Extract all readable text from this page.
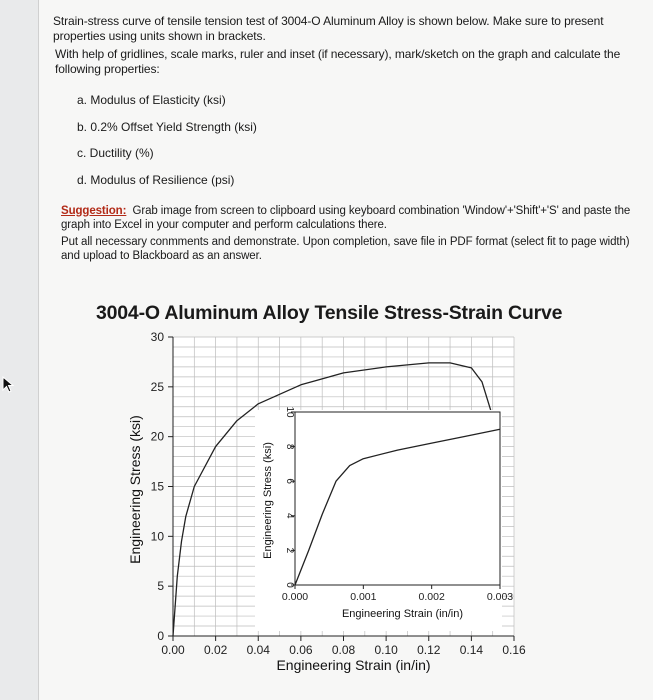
Strain-stress curve of tensile tension test of 3004-O Aluminum Alloy is shown below. Make sure to present properties using units shown in brackets.

With help of gridlines, scale marks, ruler and inset (if necessary), mark/sketch on the graph and calculate the following properties:

a. Modulus of Elasticity (ksi)
b. 0.2% Offset Yield Strength (ksi)
c. Ductility (%)
d. Modulus of Resilience (psi)

Suggestion: Grab image from screen to clipboard using keyboard combination 'Window'+'Shift'+'S' and paste the graph into Excel in your computer and perform calculations there.

Put all necessary conmments and demonstrate. Upon completion, save file in PDF format (select fit to page width) and upload to Blackboard as an answer.

3004-O Aluminum Alloy Tensile Stress-Strain Curve
0
5
10
15
20
25
30
0.00 0.02 0.04 0.06 0.08 0.10 0.12 0.14 0.16
Engineering Strain (in/in)
Engineering Stress (ksi)
0
2
4
6
8
10
0.000	0.001	0.002	0.003
Engineering Strain (in/in)
Engineering Stress (ksi)
